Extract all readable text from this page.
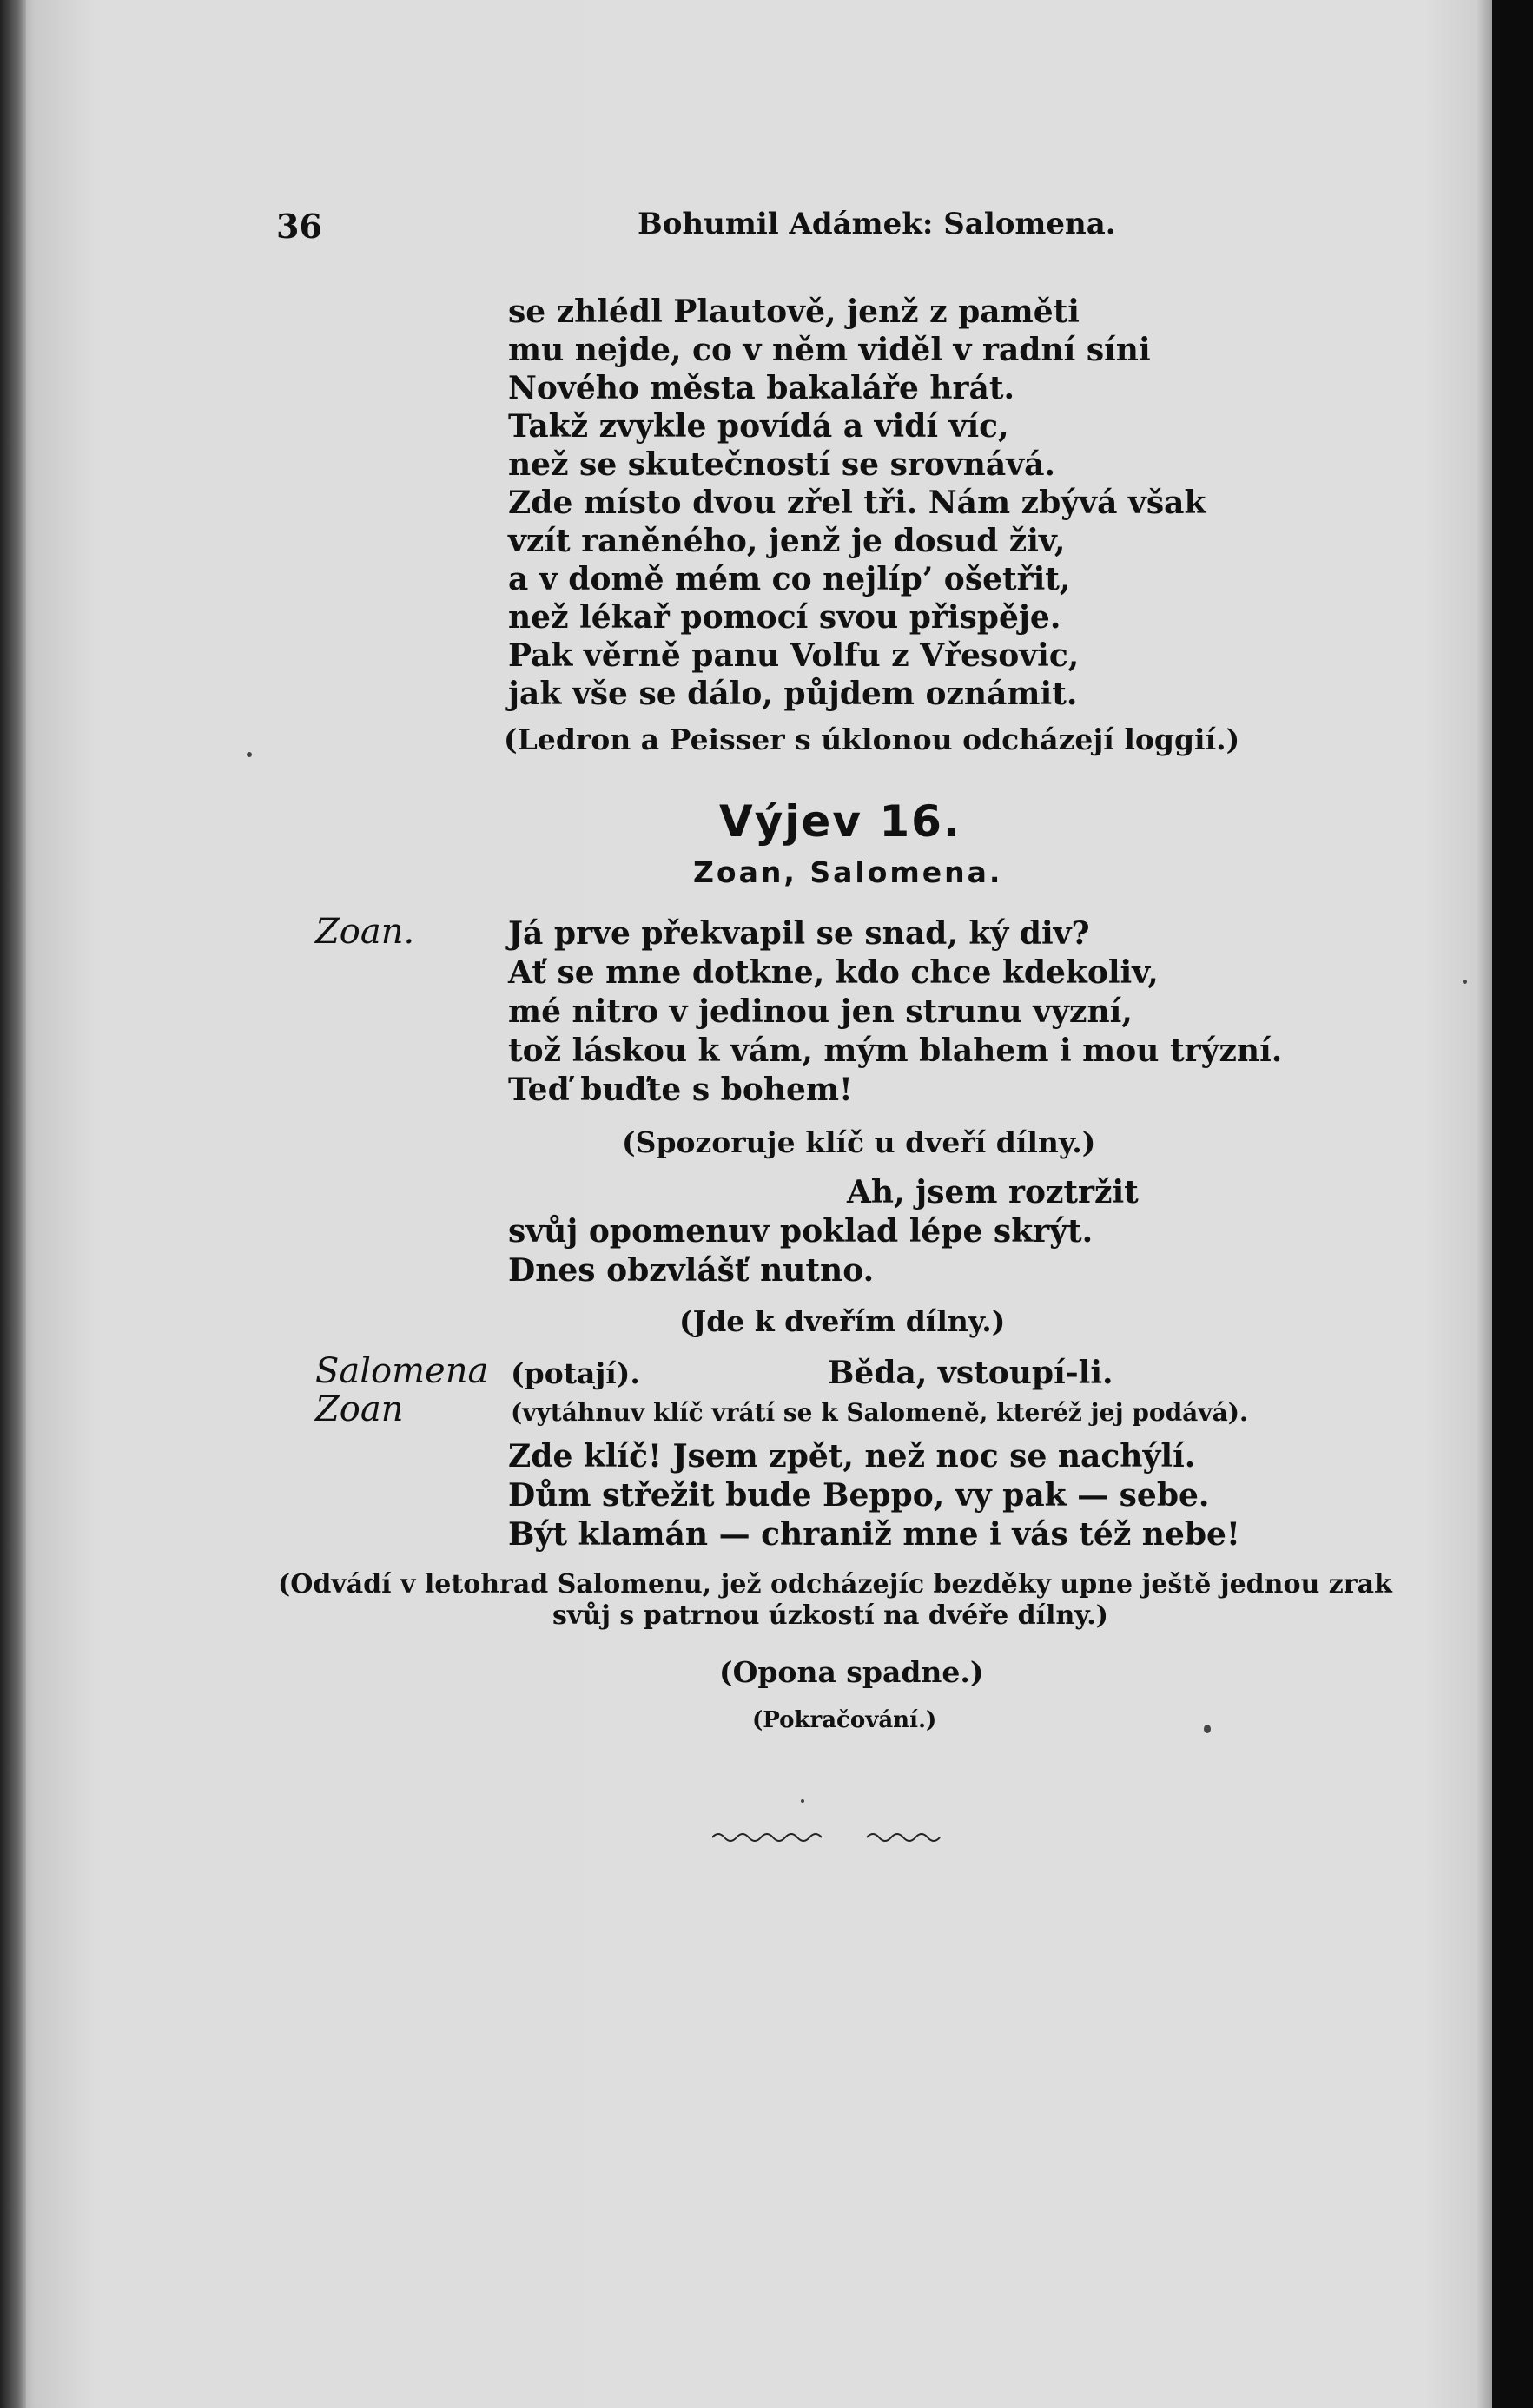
36	Bohumil Adámek: Salomena.
se zhlédl Plautově, jenž z paměti
mu nejde, co v něm viděl v radní síni
Nového města bakaláře hrát.
Takž zvykle povídá a vidí víc,
než se skutečností se srovnává.
Zde místo dvou zřel tři. Nám zbývá však
vzít raněného, jenž je dosud živ,
a v domě mém co nejlíp’ ošetřit,
než lékař pomocí svou přispěje.
Pak věrně panu Volfu z Vřesovic,
jak vše se dálo, půjdem oznámit.
(Ledron a Peisser s úklonou odcházejí loggií.)
Výjev 16.
Zoan, Salomena.
Zoan.	Já prve překvapil se snad, ký div?
Ať se mne dotkne, kdo chce kdekoliv,
mé nitro v jedinou jen strunu vyzní,
tož láskou k vám, mým blahem i mou trýzní.
Teď buďte s bohem!
(Spozoruje klíč u dveří dílny.)
Ah, jsem roztržit
svůj opomenuv poklad lépe skrýt.
Dnes obzvlášť nutno.
(Jde k dveřím dílny.)
Salomena (potají).	Běda, vstoupí-li.
Zoan	(vytáhnuv klíč vrátí se k Salomeně, kteréž jej podává).
Zde klíč! Jsem zpět, než noc se nachýlí.
Dům střežit bude Beppo, vy pak — sebe.
Být klamán — chraniž mne i vás též nebe!
(Odvádí v letohrad Salomenu, jež odcházejíc bezděky upne ještě jednou zrak
svůj s patrnou úzkostí na dvéře dílny.)
(Opona spadne.)
(Pokračování.)
